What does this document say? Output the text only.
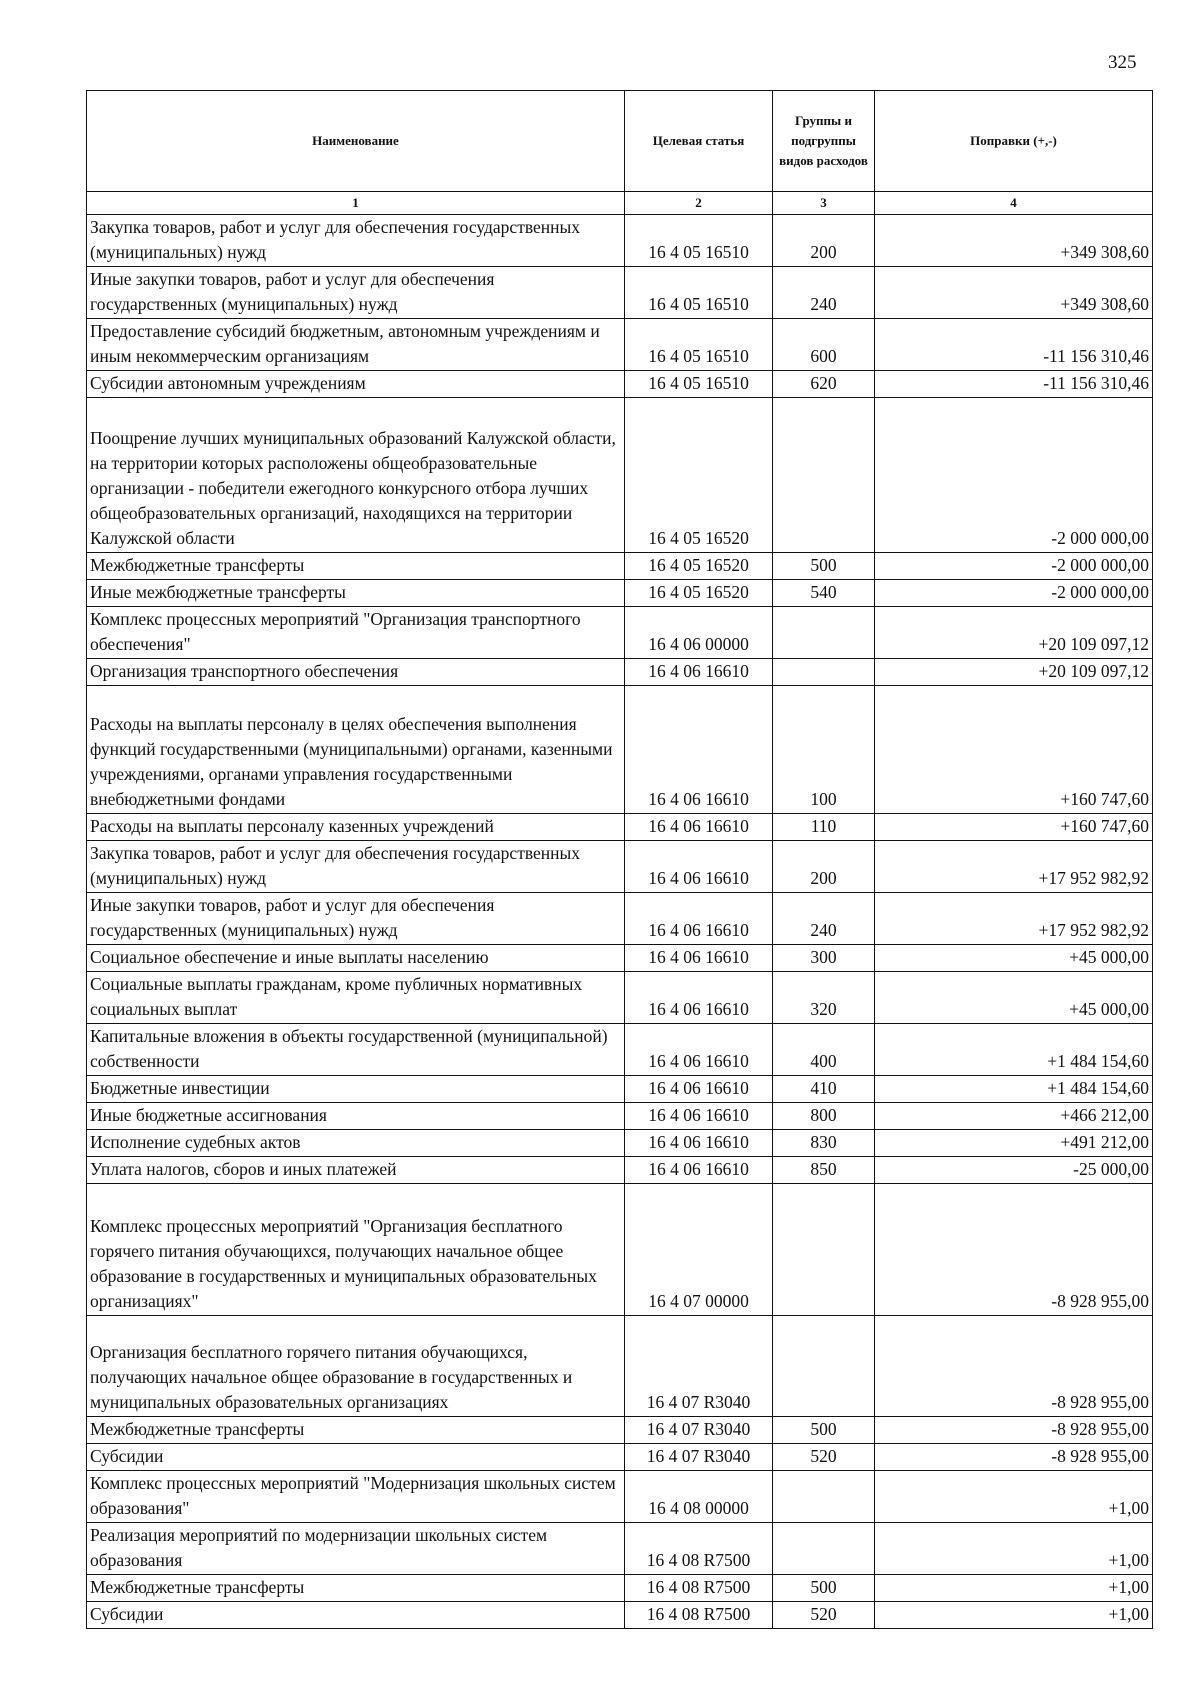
325
Наименование	Целевая статья	Группы и подгруппы видов расходов	Поправки (+,-)
1	2	3	4
Закупка товаров, работ и услуг для обеспечения государственных (муниципальных) нужд	16 4 05 16510	200	+349 308,60
Иные закупки товаров, работ и услуг для обеспечения государственных (муниципальных) нужд	16 4 05 16510	240	+349 308,60
Предоставление субсидий бюджетным, автономным учреждениям и иным некоммерческим организациям	16 4 05 16510	600	-11 156 310,46
Субсидии автономным учреждениям	16 4 05 16510	620	-11 156 310,46
Поощрение лучших муниципальных образований Калужской области, на территории которых расположены общеобразовательные организации - победители ежегодного конкурсного отбора лучших общеобразовательных организаций, находящихся на территории Калужской области	16 4 05 16520		-2 000 000,00
Межбюджетные трансферты	16 4 05 16520	500	-2 000 000,00
Иные межбюджетные трансферты	16 4 05 16520	540	-2 000 000,00
Комплекс процессных мероприятий "Организация транспортного обеспечения"	16 4 06 00000		+20 109 097,12
Организация транспортного обеспечения	16 4 06 16610		+20 109 097,12
Расходы на выплаты персоналу в целях обеспечения выполнения функций государственными (муниципальными) органами, казенными учреждениями, органами управления государственными внебюджетными фондами	16 4 06 16610	100	+160 747,60
Расходы на выплаты персоналу казенных учреждений	16 4 06 16610	110	+160 747,60
Закупка товаров, работ и услуг для обеспечения государственных (муниципальных) нужд	16 4 06 16610	200	+17 952 982,92
Иные закупки товаров, работ и услуг для обеспечения государственных (муниципальных) нужд	16 4 06 16610	240	+17 952 982,92
Социальное обеспечение и иные выплаты населению	16 4 06 16610	300	+45 000,00
Социальные выплаты гражданам, кроме публичных нормативных социальных выплат	16 4 06 16610	320	+45 000,00
Капитальные вложения в объекты государственной (муниципальной) собственности	16 4 06 16610	400	+1 484 154,60
Бюджетные инвестиции	16 4 06 16610	410	+1 484 154,60
Иные бюджетные ассигнования	16 4 06 16610	800	+466 212,00
Исполнение судебных актов	16 4 06 16610	830	+491 212,00
Уплата налогов, сборов и иных платежей	16 4 06 16610	850	-25 000,00
Комплекс процессных мероприятий "Организация бесплатного горячего питания обучающихся, получающих начальное общее образование в государственных и муниципальных образовательных организациях"	16 4 07 00000		-8 928 955,00
Организация бесплатного горячего питания обучающихся, получающих начальное общее образование в государственных и муниципальных образовательных организациях	16 4 07 R3040		-8 928 955,00
Межбюджетные трансферты	16 4 07 R3040	500	-8 928 955,00
Субсидии	16 4 07 R3040	520	-8 928 955,00
Комплекс процессных мероприятий "Модернизация школьных систем образования"	16 4 08 00000		+1,00
Реализация мероприятий по модернизации школьных систем образования	16 4 08 R7500		+1,00
Межбюджетные трансферты	16 4 08 R7500	500	+1,00
Субсидии	16 4 08 R7500	520	+1,00
